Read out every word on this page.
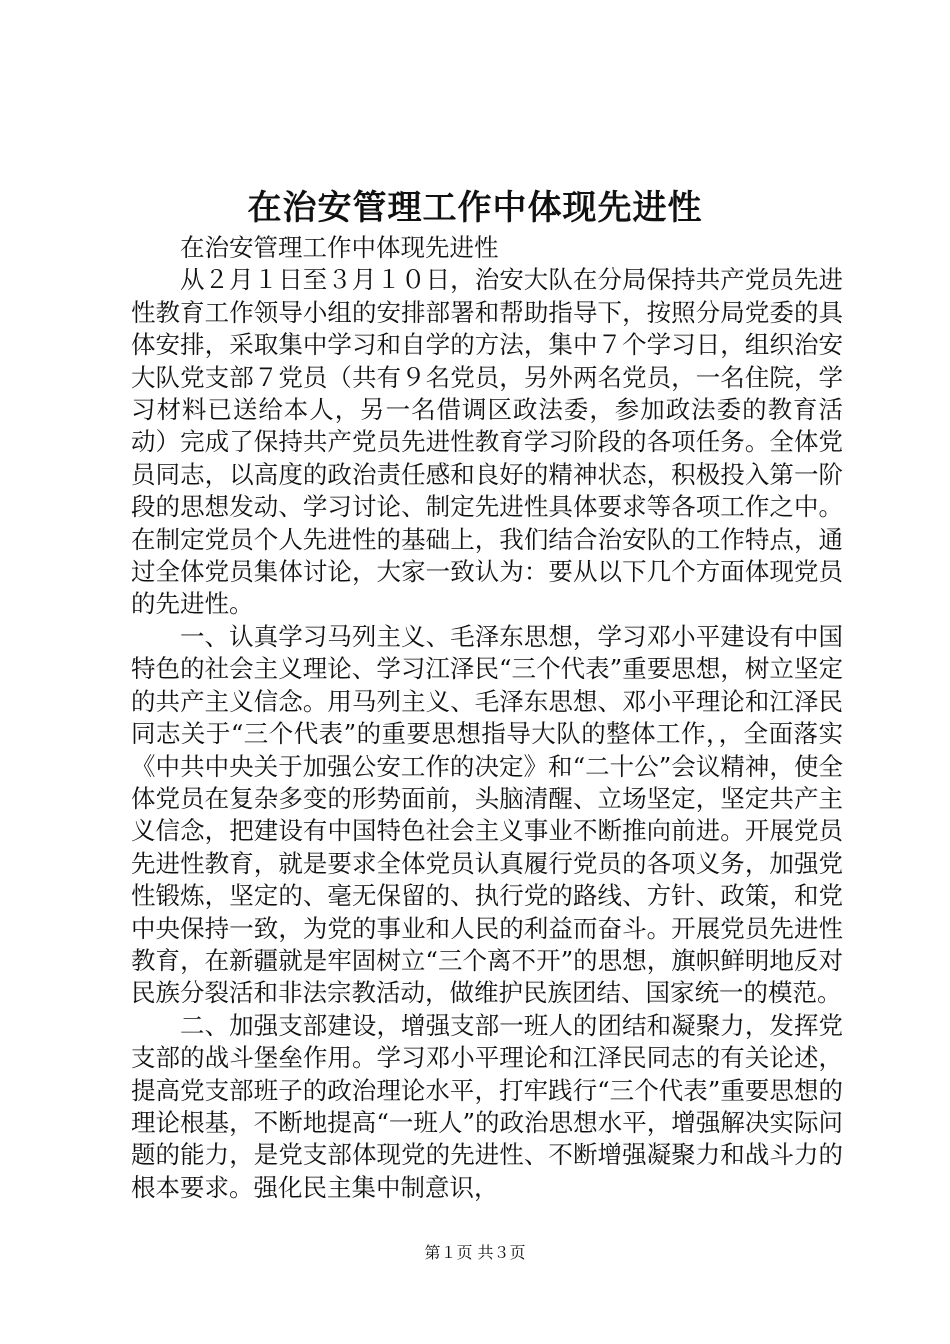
在治安管理工作中体现先进性

在治安管理工作中体现先进性

从２月１日至３月１０日，治安大队在分局保持共产党员先进性教育工作领导小组的安排部署和帮助指导下，按照分局党委的具体安排，采取集中学习和自学的方法，集中７个学习日，组织治安大队党支部７党员（共有９名党员，另外两名党员，一名住院，学习材料已送给本人，另一名借调区政法委，参加政法委的教育活动）完成了保持共产党员先进性教育学习阶段的各项任务。全体党员同志，以高度的政治责任感和良好的精神状态，积极投入第一阶段的思想发动、学习讨论、制定先进性具体要求等各项工作之中。在制定党员个人先进性的基础上，我们结合治安队的工作特点，通过全体党员集体讨论，大家一致认为：要从以下几个方面体现党员的先进性。

一、认真学习马列主义、毛泽东思想，学习邓小平建设有中国特色的社会主义理论、学习江泽民“三个代表”重要思想，树立坚定的共产主义信念。用马列主义、毛泽东思想、邓小平理论和江泽民同志关于“三个代表”的重要思想指导大队的整体工作，，全面落实《中共中央关于加强公安工作的决定》和“二十公”会议精神，使全体党员在复杂多变的形势面前，头脑清醒、立场坚定，坚定共产主义信念，把建设有中国特色社会主义事业不断推向前进。开展党员先进性教育，就是要求全体党员认真履行党员的各项义务，加强党性锻炼，坚定的、毫无保留的、执行党的路线、方针、政策，和党中央保持一致，为党的事业和人民的利益而奋斗。开展党员先进性教育，在新疆就是牢固树立“三个离不开”的思想，旗帜鲜明地反对民族分裂活和非法宗教活动，做维护民族团结、国家统一的模范。

二、加强支部建设，增强支部一班人的团结和凝聚力，发挥党支部的战斗堡垒作用。学习邓小平理论和江泽民同志的有关论述，提高党支部班子的政治理论水平，打牢践行“三个代表”重要思想的理论根基，不断地提高“一班人”的政治思想水平，增强解决实际问题的能力，是党支部体现党的先进性、不断增强凝聚力和战斗力的根本要求。强化民主集中制意识，

第１页 共３页
